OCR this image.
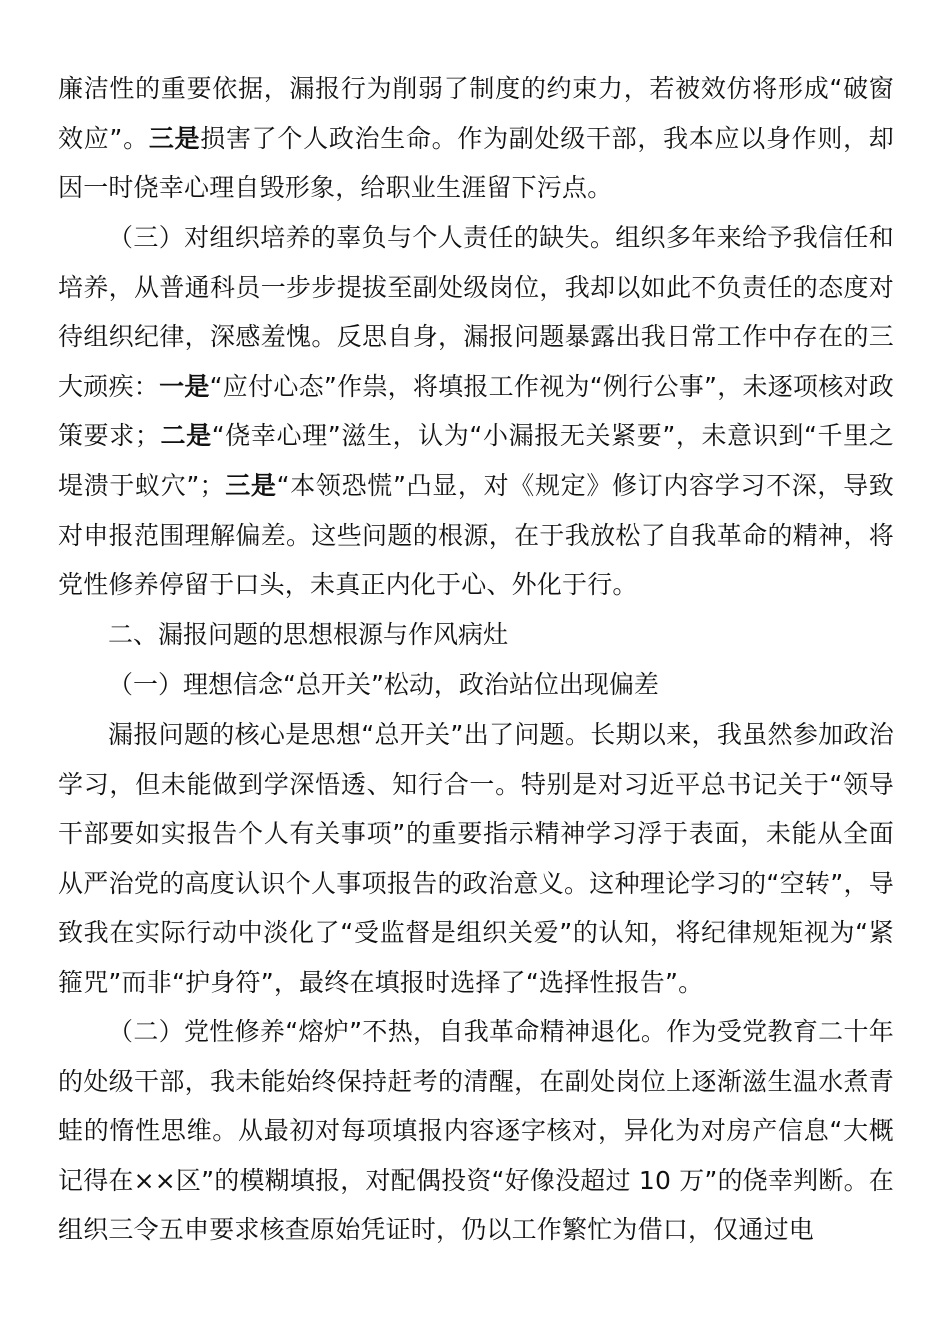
廉洁性的重要依据，漏报行为削弱了制度的约束力，若被效仿将形成“破窗效应”。三是损害了个人政治生命。作为副处级干部，我本应以身作则，却因一时侥幸心理自毁形象，给职业生涯留下污点。

（三）对组织培养的辜负与个人责任的缺失。组织多年来给予我信任和培养，从普通科员一步步提拔至副处级岗位，我却以如此不负责任的态度对待组织纪律，深感羞愧。反思自身，漏报问题暴露出我日常工作中存在的三大顽疾：一是“应付心态”作祟，将填报工作视为“例行公事”，未逐项核对政策要求；二是“侥幸心理”滋生，认为“小漏报无关紧要”，未意识到“千里之堤溃于蚁穴”；三是“本领恐慌”凸显，对《规定》修订内容学习不深，导致对申报范围理解偏差。这些问题的根源，在于我放松了自我革命的精神，将党性修养停留于口头，未真正内化于心、外化于行。

二、漏报问题的思想根源与作风病灶

（一）理想信念“总开关”松动，政治站位出现偏差

漏报问题的核心是思想“总开关”出了问题。长期以来，我虽然参加政治学习，但未能做到学深悟透、知行合一。特别是对习近平总书记关于“领导干部要如实报告个人有关事项”的重要指示精神学习浮于表面，未能从全面从严治党的高度认识个人事项报告的政治意义。这种理论学习的“空转”，导致我在实际行动中淡化了“受监督是组织关爱”的认知，将纪律规矩视为“紧箍咒”而非“护身符”，最终在填报时选择了“选择性报告”。

（二）党性修养“熔炉”不热，自我革命精神退化。作为受党教育二十年的处级干部，我未能始终保持赶考的清醒，在副处岗位上逐渐滋生温水煮青蛙的惰性思维。从最初对每项填报内容逐字核对，异化为对房产信息“大概记得在××区”的模糊填报，对配偶投资“好像没超过 10 万”的侥幸判断。在组织三令五申要求核查原始凭证时，仍以工作繁忙为借口，仅通过电
